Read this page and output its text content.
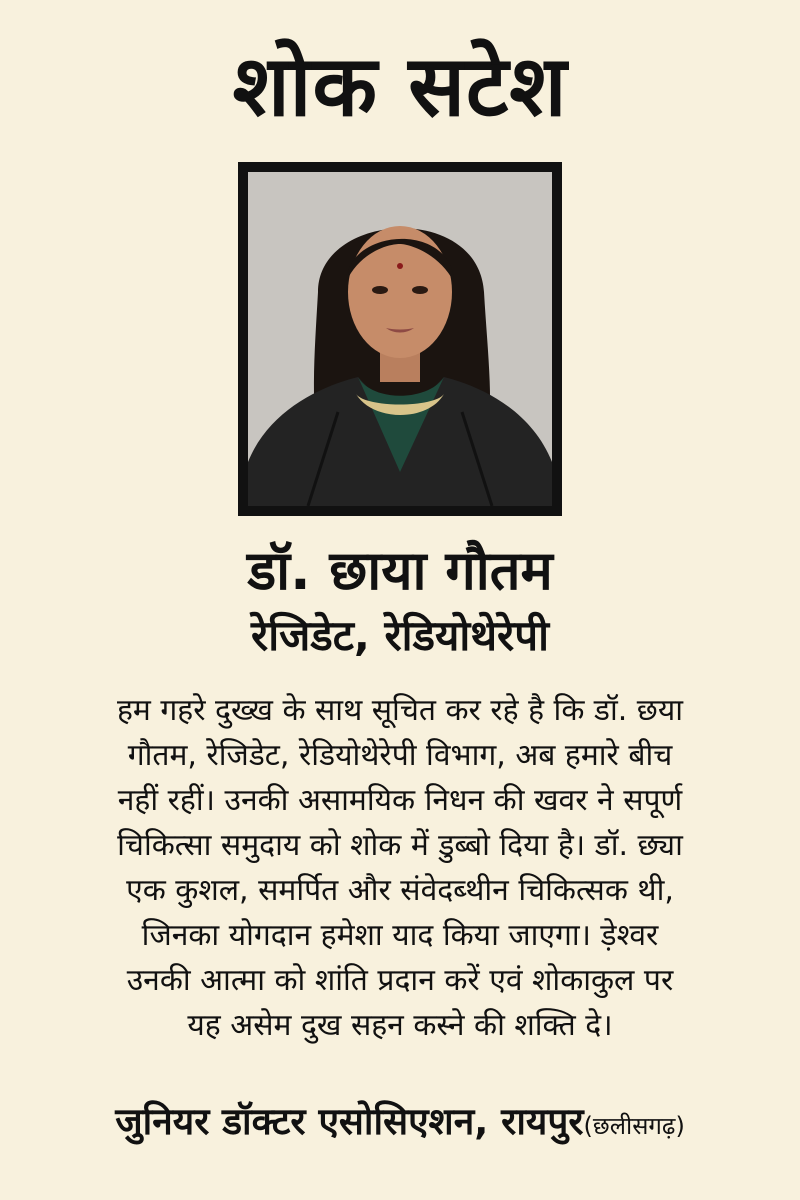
शोक सटेश
डॉ. छाया गौतम
रेजिडेट, रेडियोथेरेपी
हम गहरे दुख्ख के साथ सूचित कर रहे है कि डॉ. छया
गौतम, रेजिडेट, रेडियोथेरेपी विभाग, अब हमारे बीच
नहीं रहीं। उनकी असामयिक निधन की खवर ने सपूर्ण
चिकित्सा समुदाय को शोक में डुब्बो दिया है। डॉ. छ्या
एक कुशल, समर्पित और संवेदब्थीन चिकित्सक थी,
जिनका योगदान हमेशा याद किया जाएगा। ड़ेश्वर
उनकी आत्मा को शांति प्रदान करें एवं शोकाकुल पर
यह असेम दुख सहन कस्ने की शक्ति दे।
जुनियर डॉक्टर एसोसिएशन, रायपुर(छलीसगढ़)
